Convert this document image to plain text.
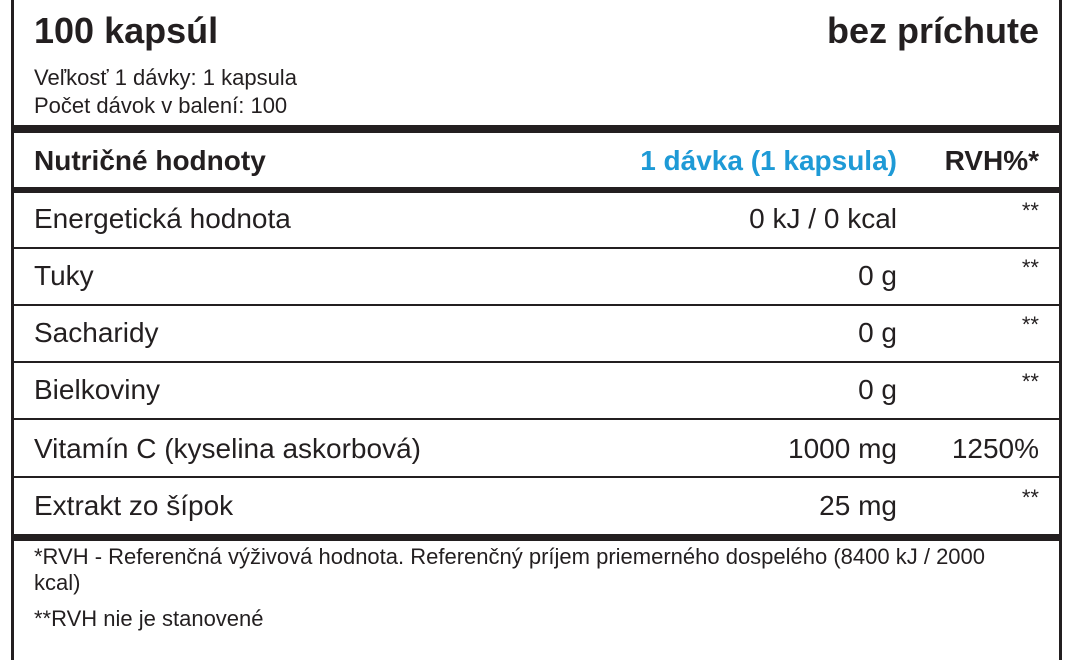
100 kapsúl	bez príchute
Veľkosť 1 dávky: 1 kapsula
Počet dávok v balení: 100
Nutričné hodnoty	1 dávka (1 kapsula) RVH%*
Energetická hodnota	0 kJ / 0 kcal	**
Tuky	0 g	**
Sacharidy	0 g	**
Bielkoviny	0 g	**
Vitamín C (kyselina askorbová)	1000 mg 1250%
Extrakt zo šípok	25 mg	**
*RVH - Referenčná výživová hodnota. Referenčný príjem priemerného dospelého (8400 kJ / 2000 kcal)
**RVH nie je stanovené
